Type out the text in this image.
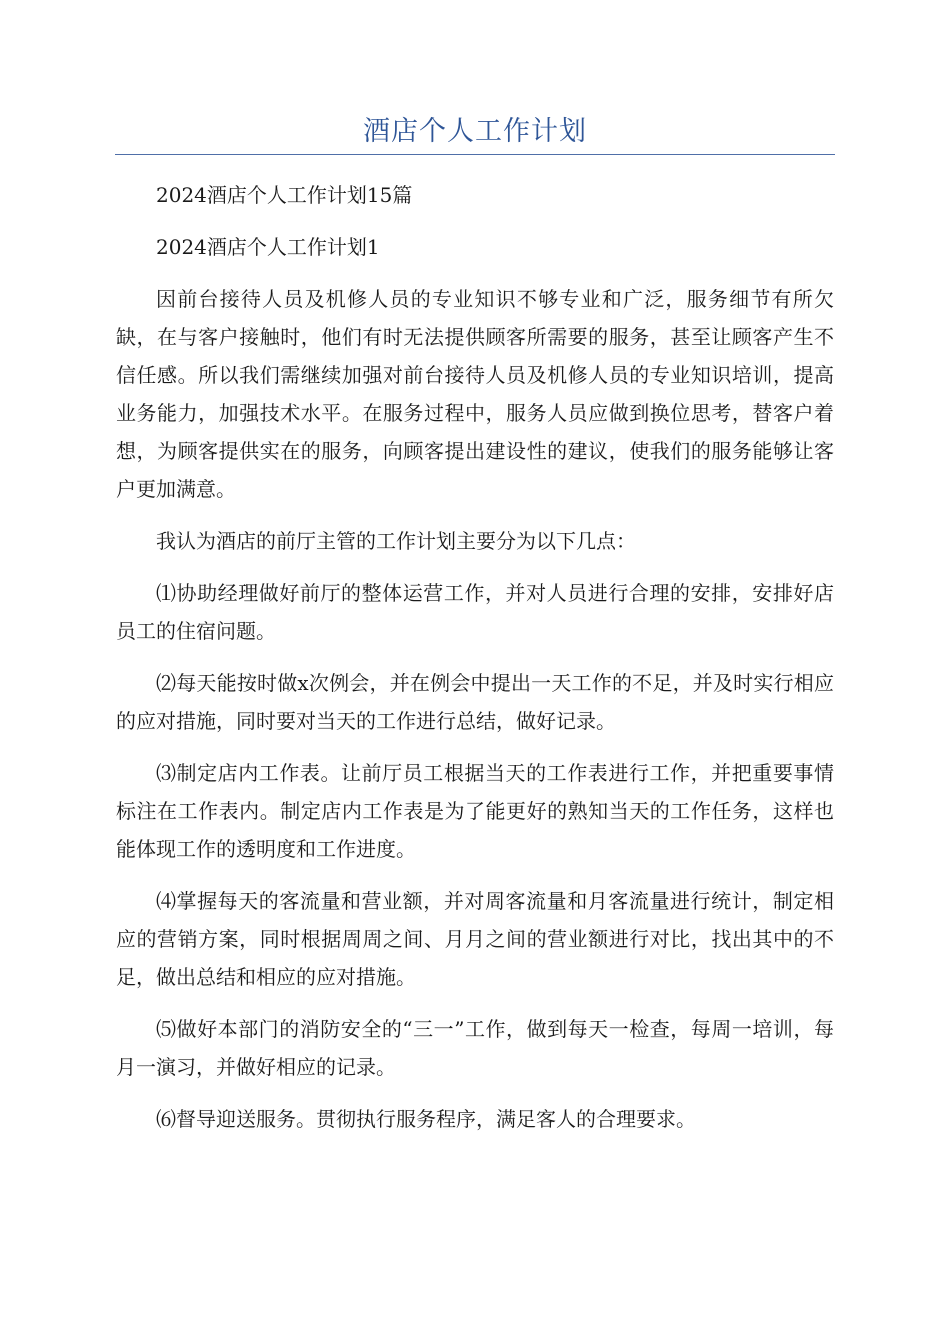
酒店个人工作计划

2024酒店个人工作计划15篇

2024酒店个人工作计划1

因前台接待人员及机修人员的专业知识不够专业和广泛，服务细节有所欠缺，在与客户接触时，他们有时无法提供顾客所需要的服务，甚至让顾客产生不信任感。所以我们需继续加强对前台接待人员及机修人员的专业知识培训，提高业务能力，加强技术水平。在服务过程中，服务人员应做到换位思考，替客户着想，为顾客提供实在的服务，向顾客提出建设性的建议，使我们的服务能够让客户更加满意。

我认为酒店的前厅主管的工作计划主要分为以下几点：

⑴协助经理做好前厅的整体运营工作，并对人员进行合理的安排，安排好店员工的住宿问题。

⑵每天能按时做x次例会，并在例会中提出一天工作的不足，并及时实行相应的应对措施，同时要对当天的工作进行总结，做好记录。

⑶制定店内工作表。让前厅员工根据当天的工作表进行工作，并把重要事情标注在工作表内。制定店内工作表是为了能更好的熟知当天的工作任务，这样也能体现工作的透明度和工作进度。

⑷掌握每天的客流量和营业额，并对周客流量和月客流量进行统计，制定相应的营销方案，同时根据周周之间、月月之间的营业额进行对比，找出其中的不足，做出总结和相应的应对措施。

⑸做好本部门的消防安全的“三一”工作，做到每天一检查，每周一培训，每月一演习，并做好相应的记录。

⑹督导迎送服务。贯彻执行服务程序，满足客人的合理要求。
